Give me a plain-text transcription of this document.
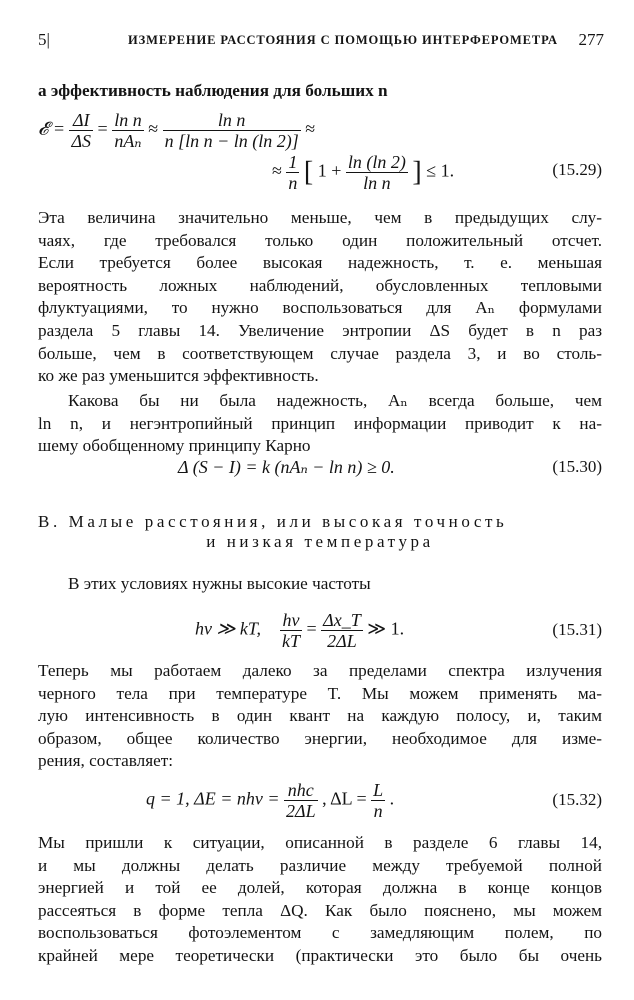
5|	ИЗМЕРЕНИЕ РАССТОЯНИЯ С ПОМОЩЬЮ ИНТЕРФЕРОМЕТРА 277
а эффективность наблюдения для больших n
𝓔 = $\frac{\Delta I}{\Delta S} = \frac{\text{ln n}}{\text{nAₙ}} \approx \frac{\text{ln n}}{\text{n [ln n − ln (ln 2)]}}$ ≈
≈ $\frac{1}{n}$ [ $1 + \frac{\ln (\ln 2)}{\text{ln n}}$ ] ≤ 1.	(15.29)
Эта величина значительно меньше, чем в предыдущих слу-
чаях, где требовался только один положительный отсчет.
Если требуется более высокая надежность, т. е. меньшая
вероятность ложных наблюдений, обусловленных тепловыми
флуктуациями, то нужно воспользоваться для Aₙ формулами
раздела 5 главы 14. Увеличение энтропии ΔS будет в n раз
больше, чем в соответствующем случае раздела 3, и во столь-
ко же раз уменьшится эффективность.
Какова бы ни была надежность, Aₙ всегда больше, чем
ln n, и негэнтропийный принцип информации приводит к на-
шему обобщенному принципу Карно
Δ (S − I) = k (nAₙ − ln n) ≥ 0.	(15.30)
В. Малые расстояния, или высокая точность
и низкая температура
В этих условиях нужны высокие частоты
hν ≫ kT, $\frac{h\nu}{kT} = \frac{\Delta x\_T}{2\Delta L}$ ≫ 1.	(15.31)
Теперь мы работаем далеко за пределами спектра излучения
черного тела при температуре T. Мы можем применять ма-
лую интенсивность в один квант на каждую полосу, и, таким
образом, общее количество энергии, необходимое для изме-
рения, составляет:
q = 1, $\Delta E = nh\nu = \frac{\text{nhc}}{2\Delta L}$ , $\Delta L = \frac{L}{n}$ .	(15.32)
Мы пришли к ситуации, описанной в разделе 6 главы 14,
и мы должны делать различие между требуемой полной
энергией и той ее долей, которая должна в конце концов
рассеяться в форме тепла ΔQ. Как было пояснено, мы можем
воспользоваться фотоэлементом с замедляющим полем, по
крайней мере теоретически (практически это было бы очень
